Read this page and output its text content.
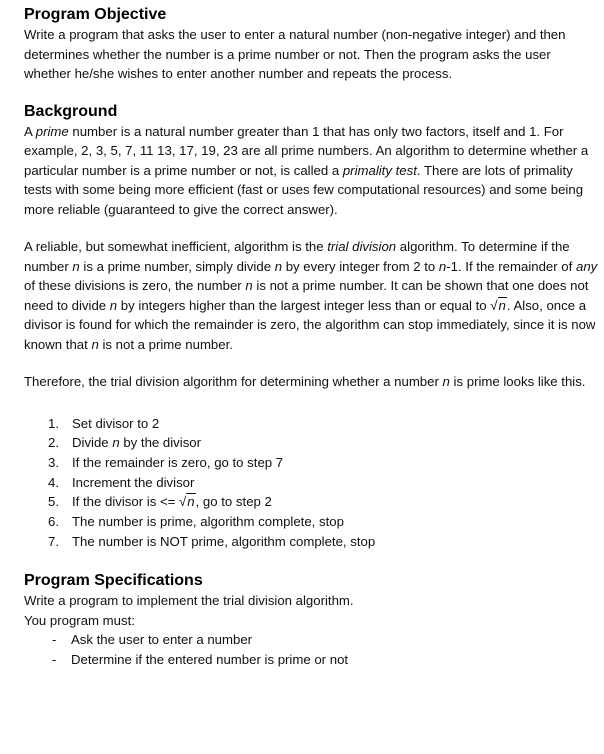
Program Objective

Write a program that asks the user to enter a natural number (non-negative integer) and then determines whether the number is a prime number or not. Then the program asks the user whether he/she wishes to enter another number and repeats the process.

Background

A prime number is a natural number greater than 1 that has only two factors, itself and 1. For example, 2, 3, 5, 7, 11 13, 17, 19, 23 are all prime numbers. An algorithm to determine whether a particular number is a prime number or not, is called a primality test. There are lots of primality tests with some being more efficient (fast or uses few computational resources) and some being more reliable (guaranteed to give the correct answer).

A reliable, but somewhat inefficient, algorithm is the trial division algorithm. To determine if the number n is a prime number, simply divide n by every integer from 2 to n-1. If the remainder of any of these divisions is zero, the number n is not a prime number. It can be shown that one does not need to divide n by integers higher than the largest integer less than or equal to √n. Also, once a divisor is found for which the remainder is zero, the algorithm can stop immediately, since it is now known that n is not a prime number.

Therefore, the trial division algorithm for determining whether a number n is prime looks like this.

1. Set divisor to 2
2. Divide n by the divisor
3. If the remainder is zero, go to step 7
4. Increment the divisor
5. If the divisor is <= √n, go to step 2
6. The number is prime, algorithm complete, stop
7. The number is NOT prime, algorithm complete, stop
Program Specifications

Write a program to implement the trial division algorithm.

You program must:

- Ask the user to enter a number
- Determine if the entered number is prime or not
